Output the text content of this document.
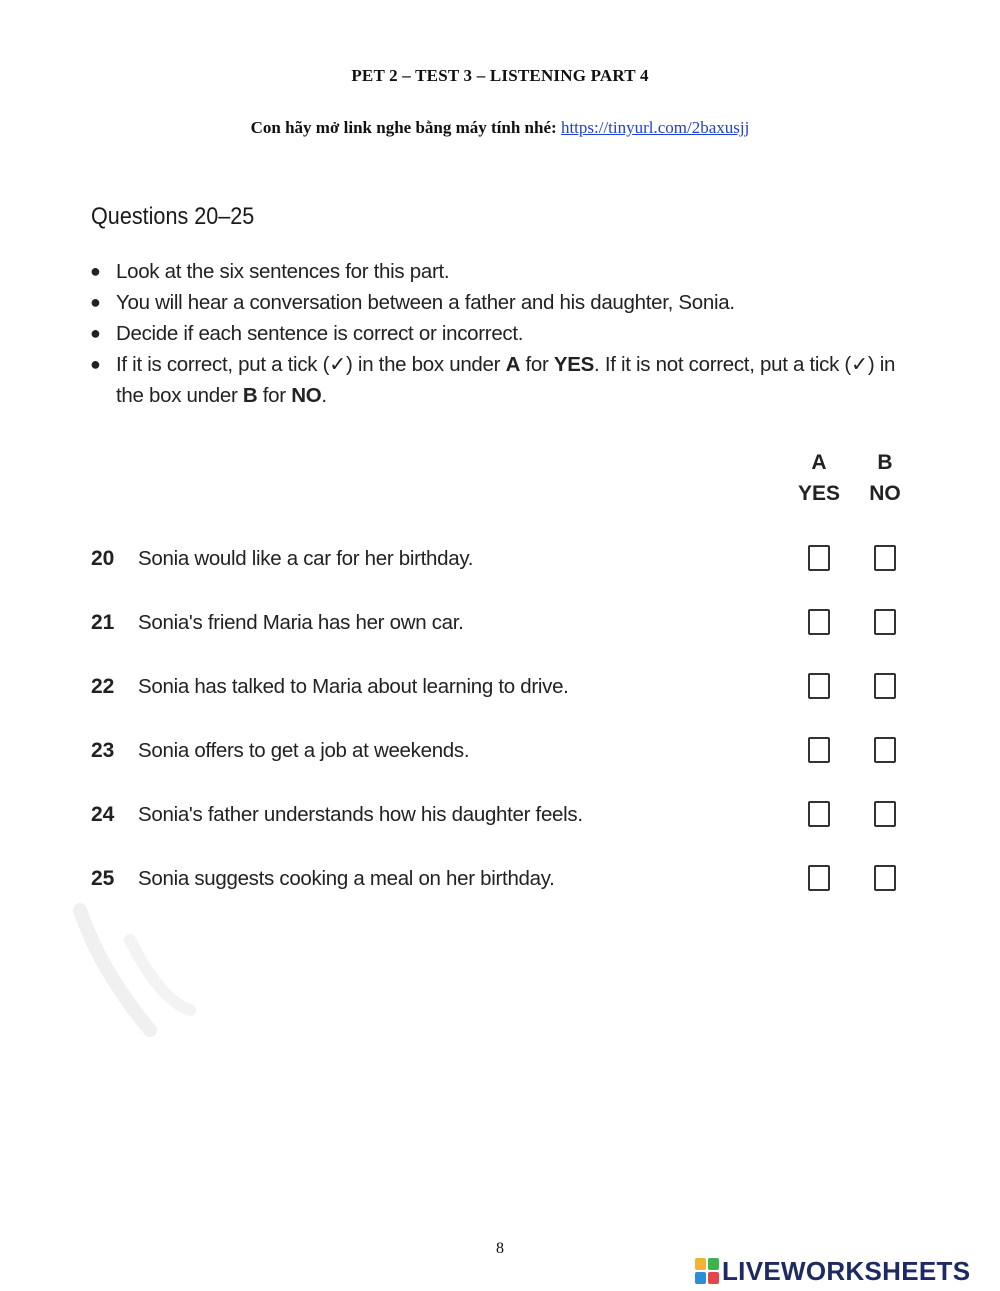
PET 2 – TEST 3 – LISTENING PART 4
Con hãy mở link nghe bằng máy tính nhé: https://tinyurl.com/2baxusjj
Questions 20–25
● Look at the six sentences for this part.
● You will hear a conversation between a father and his daughter, Sonia.
● Decide if each sentence is correct or incorrect.
● If it is correct, put a tick (✓) in the box under A for YES. If it is not correct, put a tick (✓) in the box under B for NO.
A
YES
B
NO
20 Sonia would like a car for her birthday.
21 Sonia's friend Maria has her own car.
22 Sonia has talked to Maria about learning to drive.
23 Sonia offers to get a job at weekends.
24 Sonia's father understands how his daughter feels.
25 Sonia suggests cooking a meal on her birthday.
8
LIVEWORKSHEETS
